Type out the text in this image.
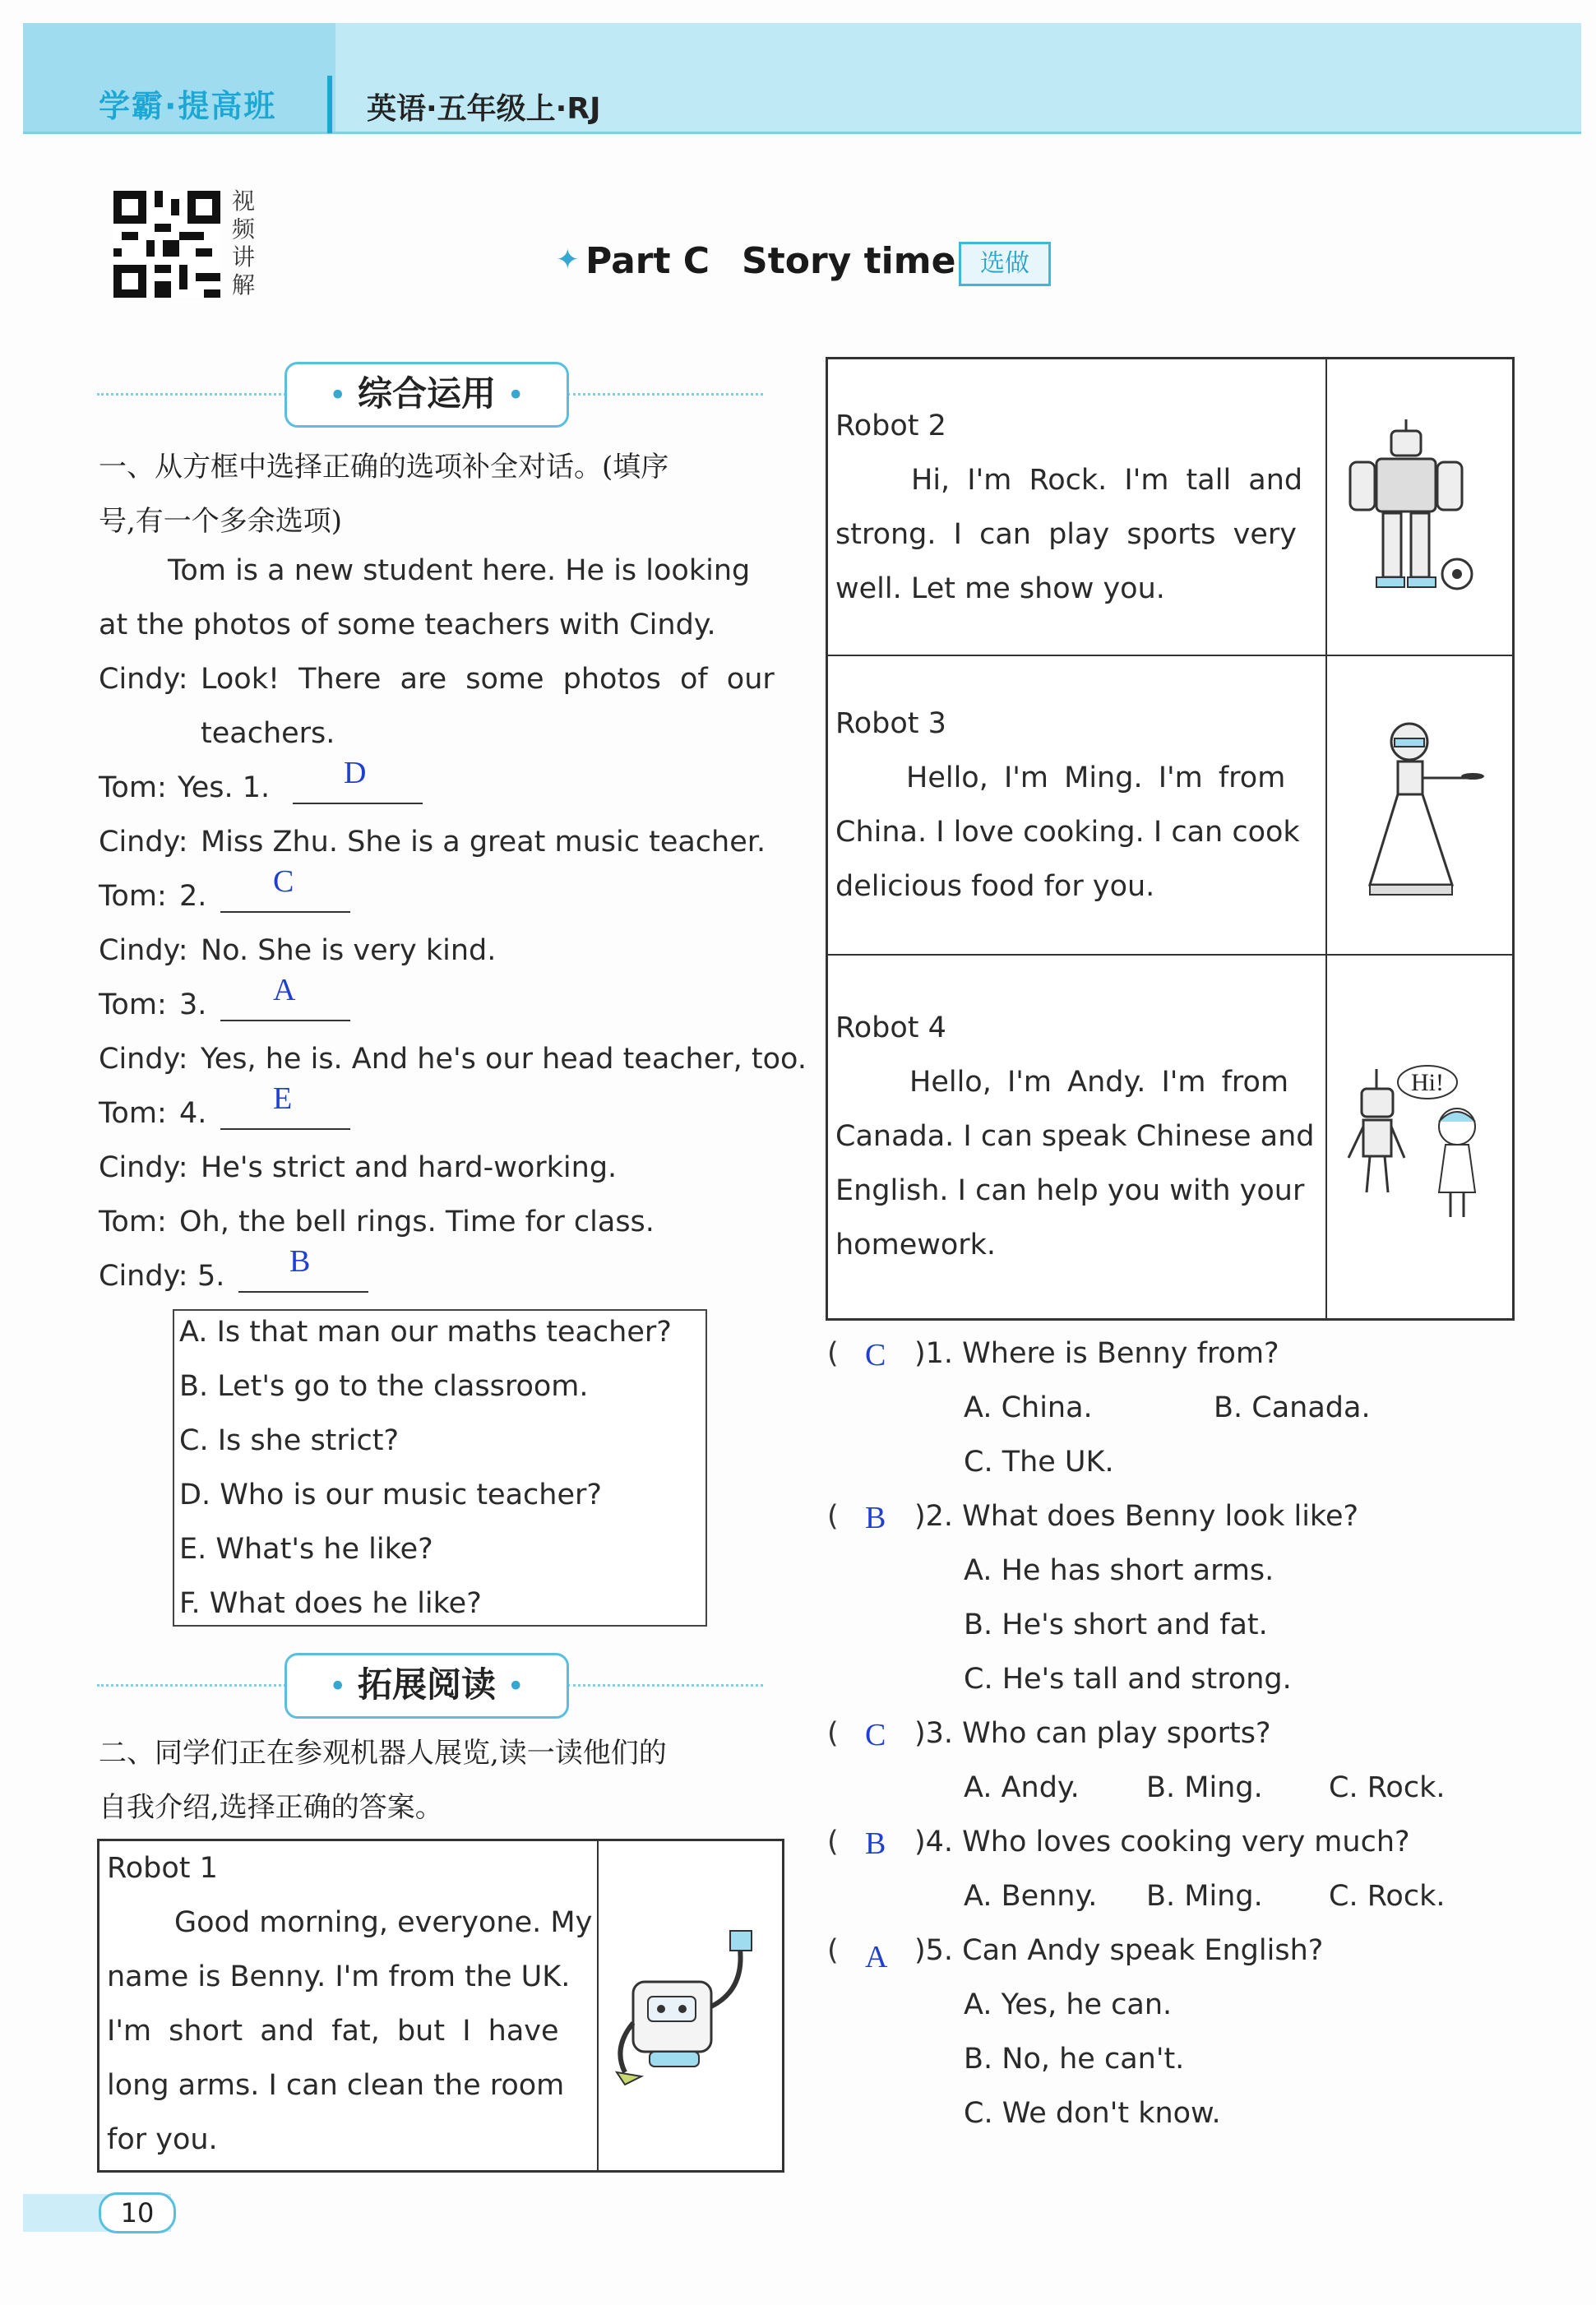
学霸·提高班	英语·五年级上·RJ
视频讲解
✦ Part C Story time 选做
• 综合运用 •
一、从方框中选择正确的选项补全对话。(填序
号,有一个多余选项)
Tom is a new student here. He is looking
at the photos of some teachers with Cindy.
Cindy: Look! There are some photos of our
teachers.
Tom: Yes. 1. D
Cindy: Miss Zhu. She is a great music teacher.
Tom: 2. C
Cindy: No. She is very kind.
Tom: 3. A
Cindy: Yes, he is. And he's our head teacher, too.
Tom: 4. E
Cindy: He's strict and hard-working.
Tom: Oh, the bell rings. Time for class.
Cindy: 5. B
A. Is that man our maths teacher?
B. Let's go to the classroom.
C. Is she strict?
D. Who is our music teacher?
E. What's he like?
F. What does he like?
• 拓展阅读 •
二、同学们正在参观机器人展览,读一读他们的
自我介绍,选择正确的答案。
Robot 1
Good morning, everyone. My
name is Benny. I'm from the UK.
I'm short and fat, but I have
long arms. I can clean the room
for you.
Robot 2
Hi, I'm Rock. I'm tall and
strong. I can play sports very
well. Let me show you.
Robot 3
Hello, I'm Ming. I'm from
China. I love cooking. I can cook
delicious food for you.
Robot 4
Hello, I'm Andy. I'm from
Canada. I can speak Chinese and
English. I can help you with your
homework.
Hi!
( C )1. Where is Benny from?
A. China.	B. Canada.
C. The UK.
( B )2. What does Benny look like?
A. He has short arms.
B. He's short and fat.
C. He's tall and strong.
( C )3. Who can play sports?
A. Andy. B. Ming. C. Rock.
( B )4. Who loves cooking very much?
A. Benny. B. Ming. C. Rock.
( A )5. Can Andy speak English?
A. Yes, he can.
B. No, he can't.
C. We don't know.
10
